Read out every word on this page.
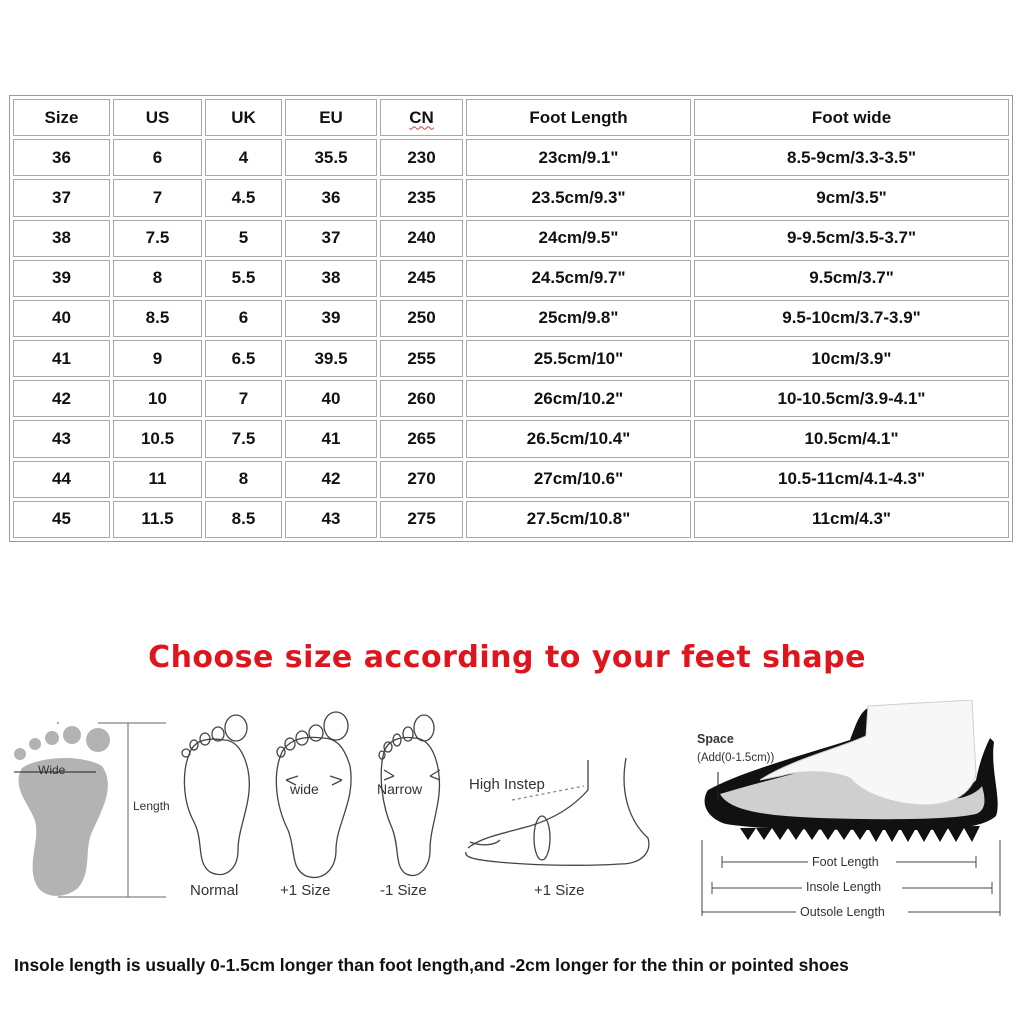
Size	US	UK	EU	CN	Foot Length	Foot wide
36	6	4	35.5	230	23cm/9.1"	8.5-9cm/3.3-3.5"
37	7	4.5	36	235	23.5cm/9.3"	9cm/3.5"
38	7.5	5	37	240	24cm/9.5"	9-9.5cm/3.5-3.7"
39	8	5.5	38	245	24.5cm/9.7"	9.5cm/3.7"
40	8.5	6	39	250	25cm/9.8"	9.5-10cm/3.7-3.9"
41	9	6.5	39.5	255	25.5cm/10"	10cm/3.9"
42	10	7	40	260	26cm/10.2"	10-10.5cm/3.9-4.1"
43	10.5	7.5	41	265	26.5cm/10.4"	10.5cm/4.1"
44	11	8	42	270	27cm/10.6"	10.5-11cm/4.1-4.3"
45	11.5	8.5	43	275	27.5cm/10.8"	11cm/4.3"
Choose size according to your feet shape
Wide
Length
wide	Narrow	High Instep
Normal	+1 Size	-1 Size	+1 Size
Space
(Add(0-1.5cm))
Foot Length
Insole Length
Outsole Length
Insole length is usually 0-1.5cm longer than foot length,and -2cm longer for the thin or pointed shoes
